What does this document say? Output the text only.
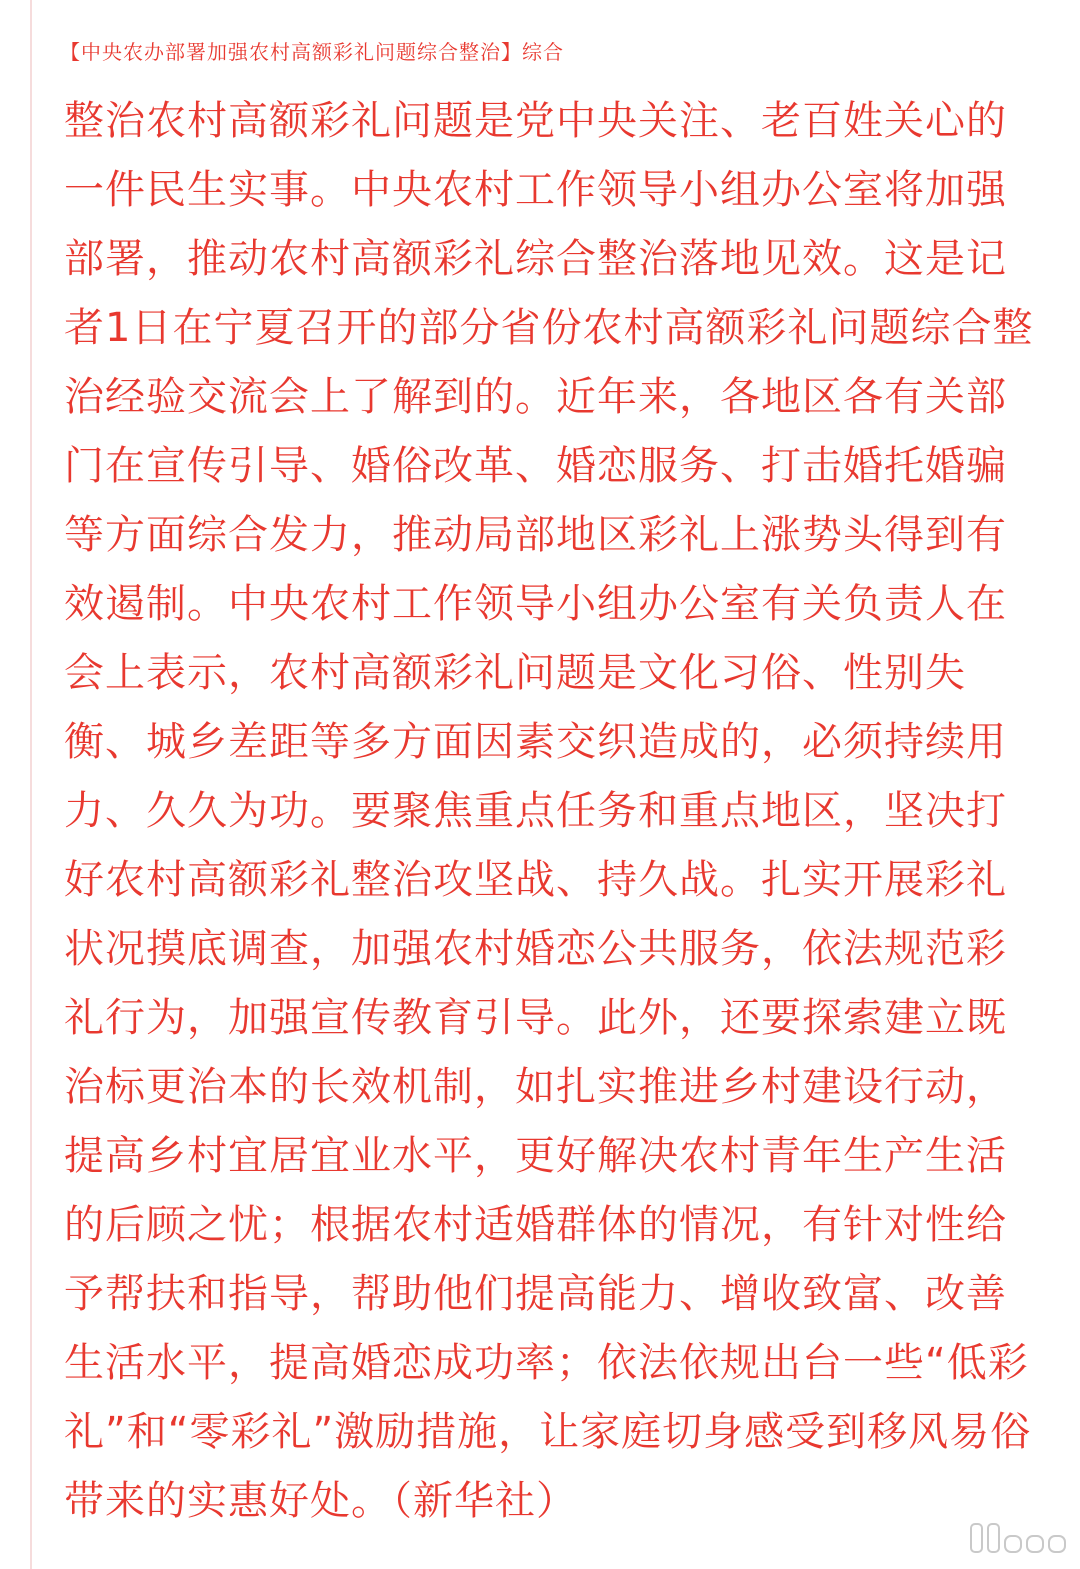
【中央农办部署加强农村高额彩礼问题综合整治】综合
整治农村高额彩礼问题是党中央关注、老百姓关心的
一件民生实事。中央农村工作领导小组办公室将加强
部署，推动农村高额彩礼综合整治落地见效。这是记
者1日在宁夏召开的部分省份农村高额彩礼问题综合整
治经验交流会上了解到的。近年来，各地区各有关部
门在宣传引导、婚俗改革、婚恋服务、打击婚托婚骗
等方面综合发力，推动局部地区彩礼上涨势头得到有
效遏制。中央农村工作领导小组办公室有关负责人在
会上表示，农村高额彩礼问题是文化习俗、性别失
衡、城乡差距等多方面因素交织造成的，必须持续用
力、久久为功。要聚焦重点任务和重点地区，坚决打
好农村高额彩礼整治攻坚战、持久战。扎实开展彩礼
状况摸底调查，加强农村婚恋公共服务，依法规范彩
礼行为，加强宣传教育引导。此外，还要探索建立既
治标更治本的长效机制，如扎实推进乡村建设行动，
提高乡村宜居宜业水平，更好解决农村青年生产生活
的后顾之忧；根据农村适婚群体的情况，有针对性给
予帮扶和指导，帮助他们提高能力、增收致富、改善
生活水平，提高婚恋成功率；依法依规出台一些“低彩
礼”和“零彩礼”激励措施，让家庭切身感受到移风易俗
带来的实惠好处。（新华社）
